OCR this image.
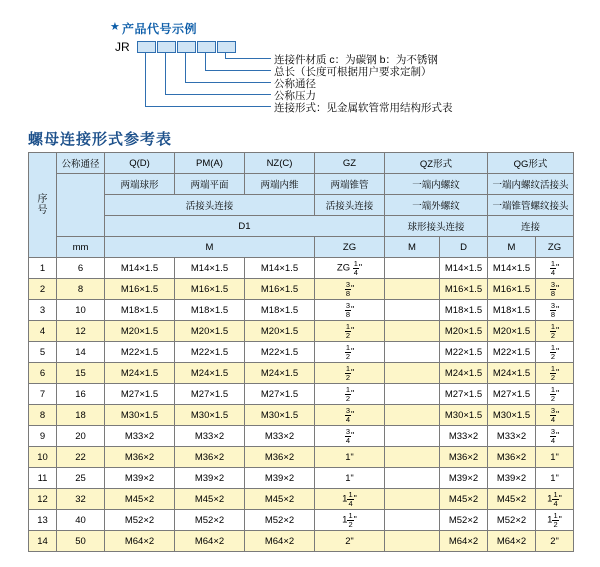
★ 产品代号示例
JR
连接件材质 c：为碳钢 b：为不锈钢
总长（长度可根据用户要求定制）
公称通径
公称压力
连接形式：见金属软管常用结构形式表
螺母连接形式参考表
序
号	公称通径	Q(D)	PM(A)	NZ(C)	GZ	QZ形式		QG形式	
		两端球形	两端平面	两端内维	两端锥管	一端内螺纹		一端内螺纹活接头	
		活接头连接			活接头连接	一端外螺纹		一端锥管螺纹接头	
		D1				球形接头连接		连接	
	mm	M			ZG	M	D	M	ZG
1	6	M14×1.5	M14×1.5	M14×1.5	ZG $\frac{1}{4}$ "		M14×1.5	M14×1.5	$\frac{1}{4}$ "
2	8	M16×1.5	M16×1.5	M16×1.5	$\frac{3}{8}$ "		M16×1.5	M16×1.5	$\frac{3}{8}$ "
3	10	M18×1.5	M18×1.5	M18×1.5	$\frac{3}{8}$ "		M18×1.5	M18×1.5	$\frac{3}{8}$ "
4	12	M20×1.5	M20×1.5	M20×1.5	$\frac{1}{2}$ "		M20×1.5	M20×1.5	$\frac{1}{2}$ "
5	14	M22×1.5	M22×1.5	M22×1.5	$\frac{1}{2}$ "		M22×1.5	M22×1.5	$\frac{1}{2}$ "
6	15	M24×1.5	M24×1.5	M24×1.5	$\frac{1}{2}$ "		M24×1.5	M24×1.5	$\frac{1}{2}$ "
7	16	M27×1.5	M27×1.5	M27×1.5	$\frac{1}{2}$ "		M27×1.5	M27×1.5	$\frac{1}{2}$ "
8	18	M30×1.5	M30×1.5	M30×1.5	$\frac{3}{4}$ "		M30×1.5	M30×1.5	$\frac{3}{4}$ "
9	20	M33×2	M33×2	M33×2	$\frac{3}{4}$ "		M33×2	M33×2	$\frac{3}{4}$ "
10	22	M36×2	M36×2	M36×2	1"		M36×2	M36×2	1"
11	25	M39×2	M39×2	M39×2	1"		M39×2	M39×2	1"
12	32	M45×2	M45×2	M45×2	$1 \frac{1}{4}$ "		M45×2	M45×2	$1 \frac{1}{4}$ "
13	40	M52×2	M52×2	M52×2	$1 \frac{1}{2}$ "		M52×2	M52×2	$1 \frac{1}{2}$ "
14	50	M64×2	M64×2	M64×2	2"		M64×2	M64×2	2"
